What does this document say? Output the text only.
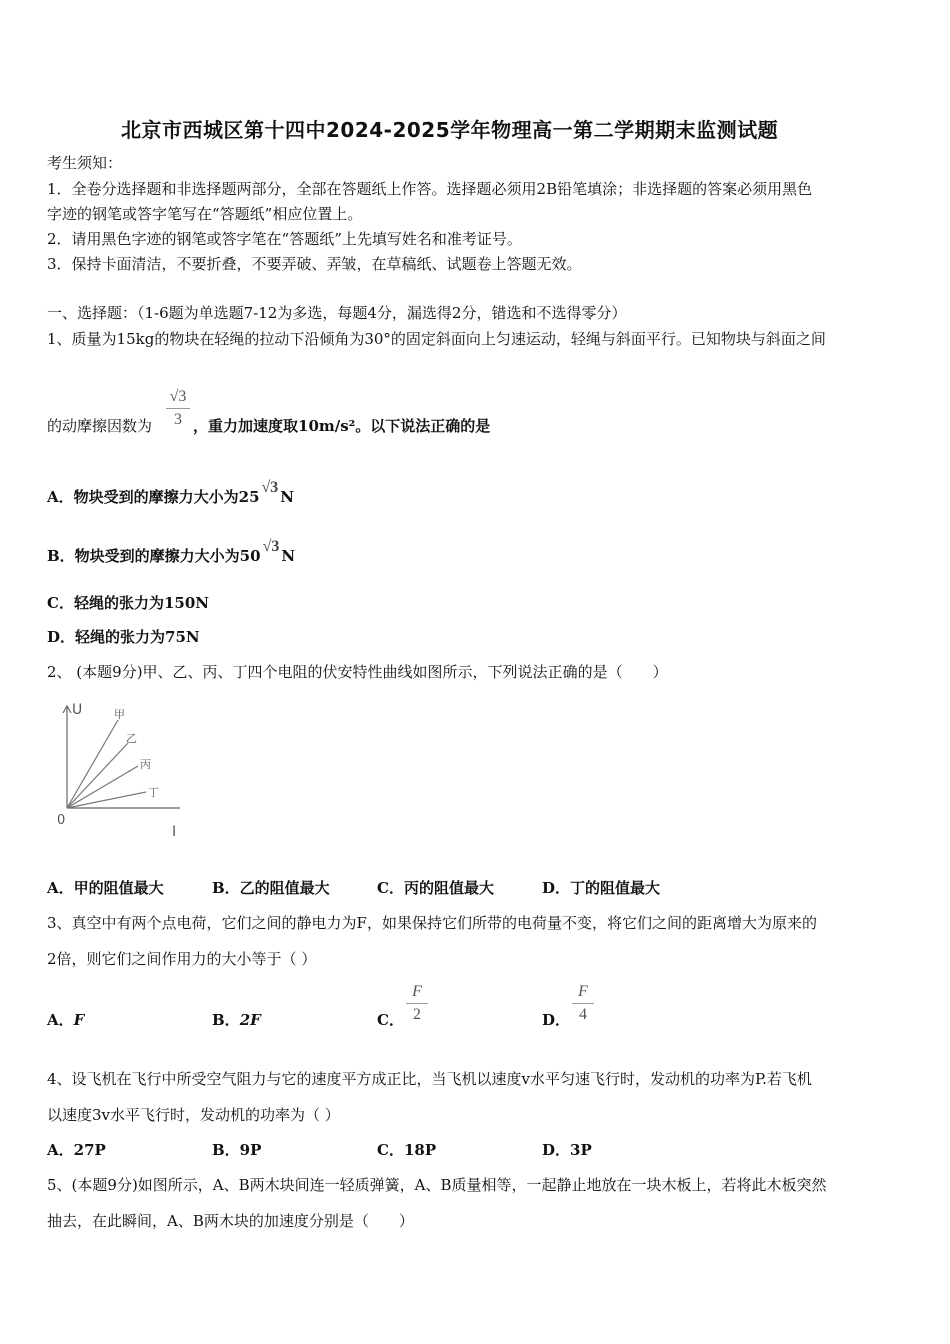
北京市西城区第十四中2024-2025学年物理高一第二学期期末监测试题
考生须知：
1．全卷分选择题和非选择题两部分，全部在答题纸上作答。选择题必须用2B铅笔填涂；非选择题的答案必须用黑色
字迹的钢笔或答字笔写在“答题纸”相应位置上。
2．请用黑色字迹的钢笔或答字笔在“答题纸”上先填写姓名和准考证号。
3．保持卡面清洁，不要折叠，不要弄破、弄皱，在草稿纸、试题卷上答题无效。
一、选择题：（1-6题为单选题7-12为多选，每题4分，漏选得2分，错选和不选得零分）
1、质量为15kg的物块在轻绳的拉动下沿倾角为30°的固定斜面向上匀速运动，轻绳与斜面平行。已知物块与斜面之间
的动摩擦因数为
√3
3 ，重力加速度取10m/s²。以下说法正确的是
A．物块受到的摩擦力大小为25√3N
B．物块受到的摩擦力大小为50√3N
C．轻绳的张力为150N
D．轻绳的张力为75N
2、 (本题9分)甲、乙、丙、丁四个电阻的伏安特性曲线如图所示，下列说法正确的是（　　）
U
I
0
甲
乙
丙
丁
A．甲的阻值最大	B．乙的阻值最大	C．丙的阻值最大	D．丁的阻值最大
3、真空中有两个点电荷，它们之间的静电力为F，如果保持它们所带的电荷量不变，将它们之间的距离增大为原来的
2倍，则它们之间作用力的大小等于（ ）
A．F	B．2F	C．
F
2	D．
F
4
4、设飞机在飞行中所受空气阻力与它的速度平方成正比，当飞机以速度v水平匀速飞行时，发动机的功率为P.若飞机
以速度3v水平飞行时，发动机的功率为（ ）
A．27P	B．9P	C．18P	D．3P
5、(本题9分)如图所示，A、B两木块间连一轻质弹簧，A、B质量相等，一起静止地放在一块木板上，若将此木板突然
抽去，在此瞬间，A、B两木块的加速度分别是（　　）
